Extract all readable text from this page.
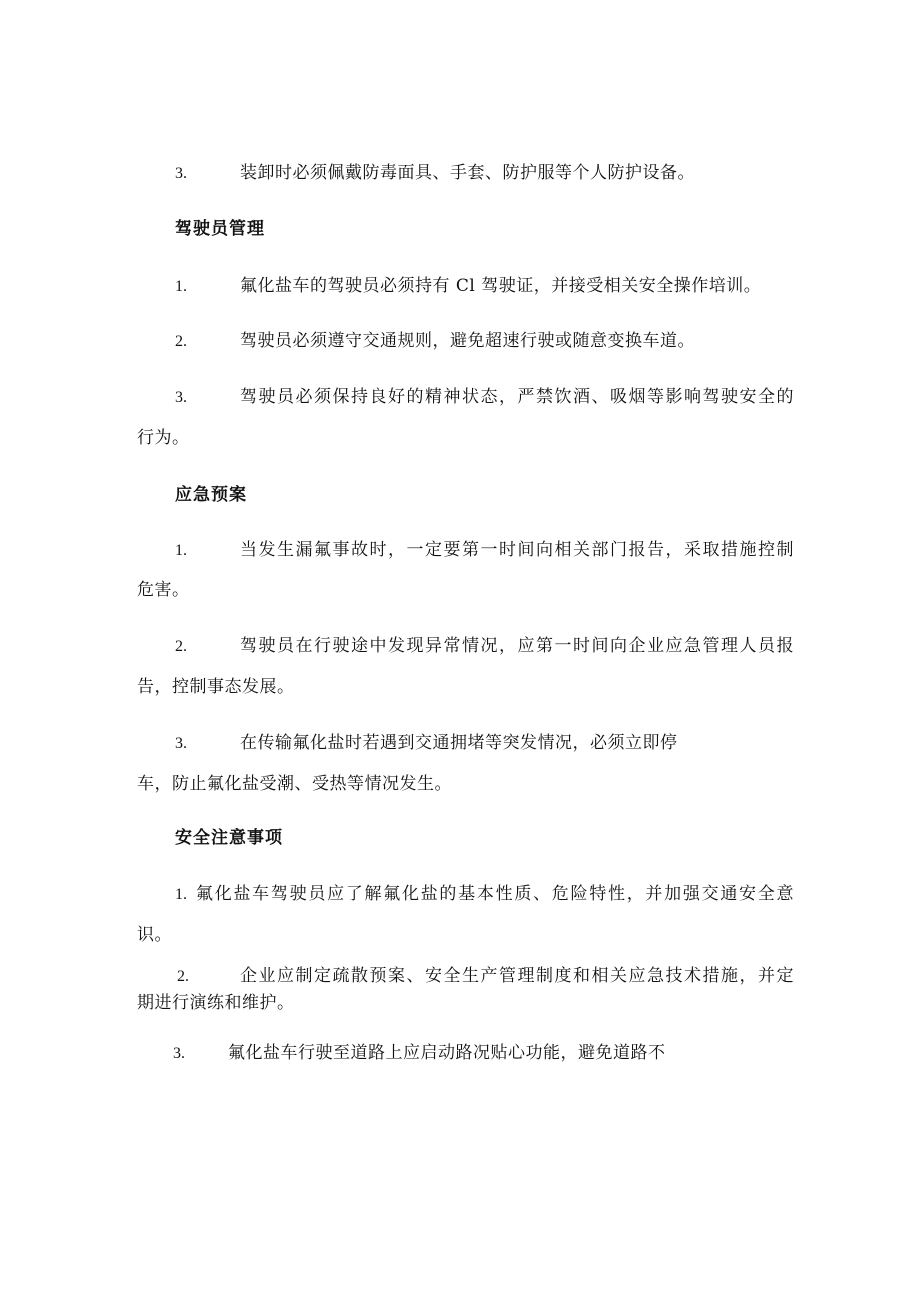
3.	装卸时必须佩戴防毒面具、手套、防护服等个人防护设备。
驾驶员管理
1.	氟化盐车的驾驶员必须持有 Cl 驾驶证，并接受相关安全操作培训。
2.	驾驶员必须遵守交通规则，避免超速行驶或随意变换车道。
3.	驾驶员必须保持良好的精神状态，严禁饮酒、吸烟等影响驾驶安全的
行为。
应急预案
1.	当发生漏氟事故时，一定要第一时间向相关部门报告，采取措施控制
危害。
2.	驾驶员在行驶途中发现异常情况，应第一时间向企业应急管理人员报
告，控制事态发展。
3.	在传输氟化盐时若遇到交通拥堵等突发情况，必须立即停
车，防止氟化盐受潮、受热等情况发生。
安全注意事项
1. 氟化盐车驾驶员应了解氟化盐的基本性质、危险特性，并加强交通安全意
识。
2.	企业应制定疏散预案、安全生产管理制度和相关应急技术措施，并定
期进行演练和维护。
3.	氟化盐车行驶至道路上应启动路况贴心功能，避免道路不
